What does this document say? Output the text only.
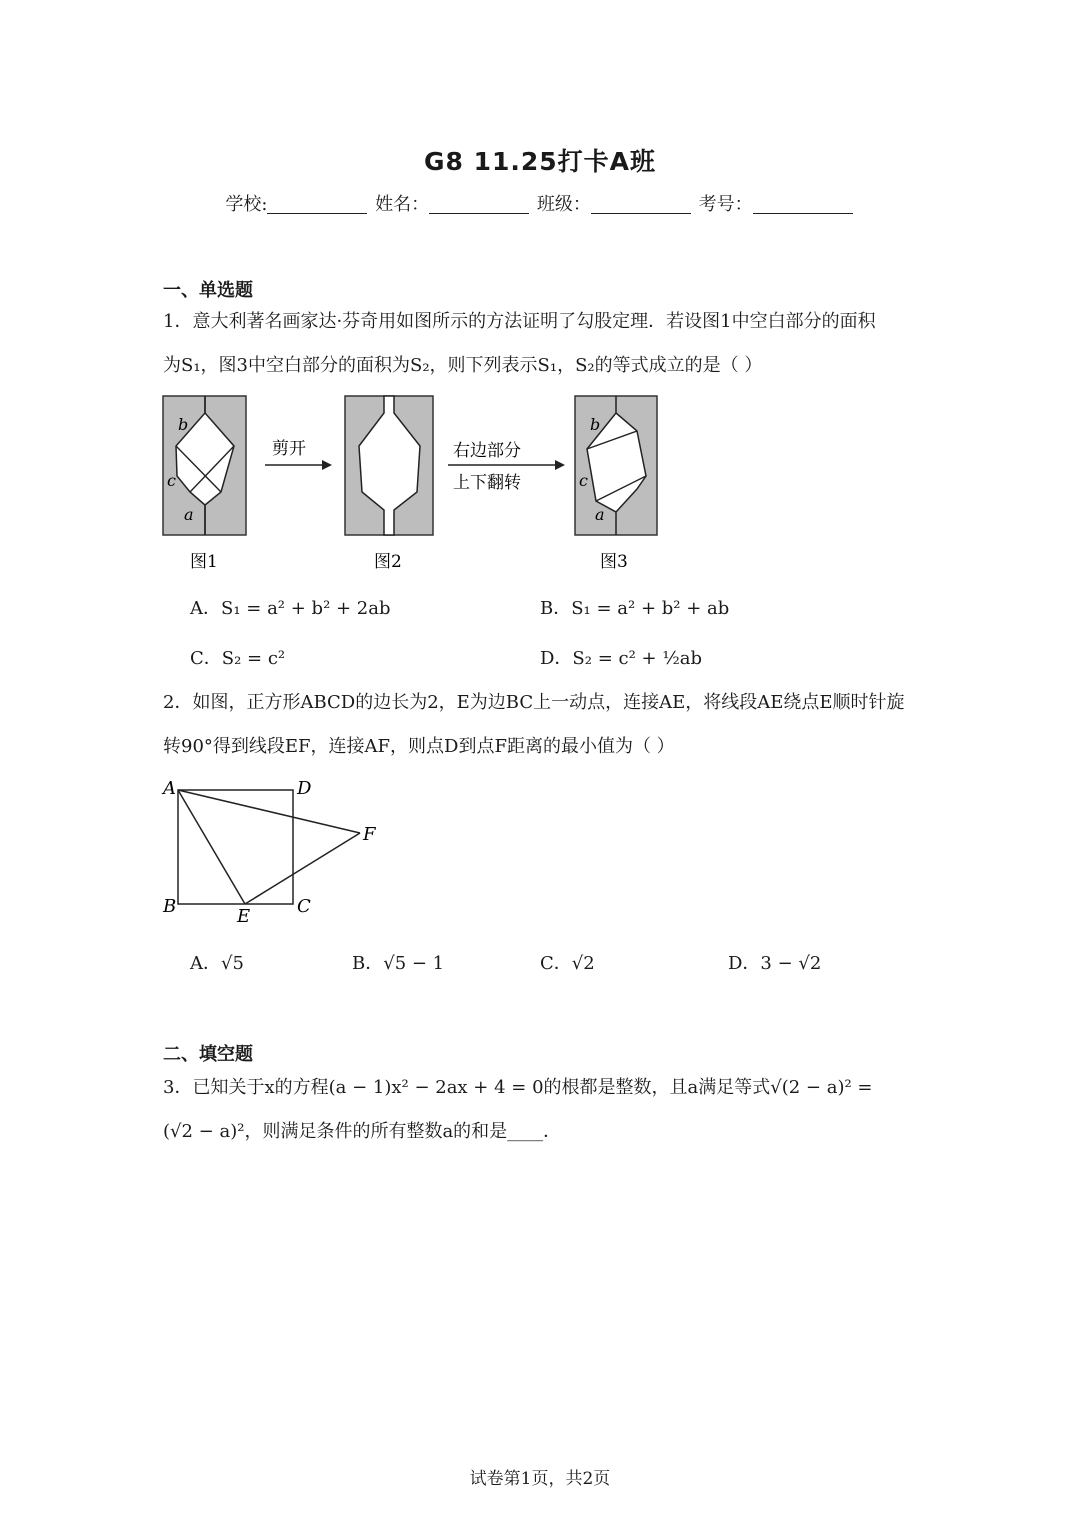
G8 11.25打卡A班
学校:	姓名：	班级：	考号：
一、单选题
1．意大利著名画家达·芬奇用如图所示的方法证明了勾股定理．若设图1中空白部分的面积
为S₁，图3中空白部分的面积为S₂，则下列表示S₁，S₂的等式成立的是（ ）
b
c
a
剪开	右边部分
上下翻转
b
c
a
图1	图2	图3
A．S₁ = a² + b² + 2ab	B．S₁ = a² + b² + ab
C．S₂ = c²	D．S₂ = c² + ½ab
2．如图，正方形ABCD的边长为2，E为边BC上一动点，连接AE，将线段AE绕点E顺时针旋
转90°得到线段EF，连接AF，则点D到点F距离的最小值为（ ）
A	D
F
B	E	C
A．√5	B．√5 − 1	C．√2	D．3 − √2
二、填空题
3．已知关于x的方程(a − 1)x² − 2ax + 4 = 0的根都是整数，且a满足等式√(2 − a)² =
(√2 − a)²，则满足条件的所有整数a的和是____．
试卷第1页，共2页
